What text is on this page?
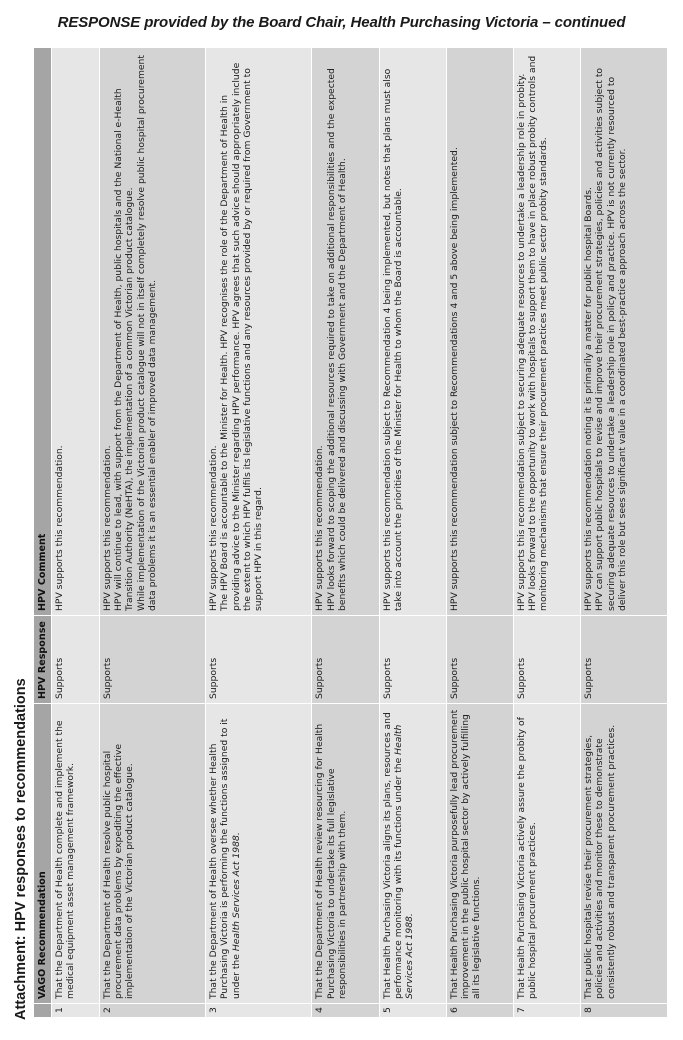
RESPONSE provided by the Board Chair, Health Purchasing Victoria – continued
Attachment: HPV responses to recommendations
	VAGO Recommendation	HPV Response	HPV Comment
1	That the Department of Health complete and implement the medical equipment asset management framework.	Supports	HPV supports this recommendation.

2	That the Department of Health resolve public hospital procurement data problems by expediting the effective implementation of the Victorian product catalogue.	Supports	HPV supports this recommendation. HPV will continue to lead, with support from the Department of Health, public hospitals and the National e-Health Transition Authority (NeHTA), the implementation of a common Victorian product catalogue. While implementation of the Victorian product catalogue will not in itself completely resolve public hospital procurement data problems it is an essential enabler of improved data management.

3	That the Department of Health oversee whether Health Purchasing Victoria is performing the functions assigned to it under the Health Services Act 1988.	Supports	HPV supports this recommendation. The HPV Board is accountable to the Minister for Health. HPV recognises the role of the Department of Health in providing advice to the Minister regarding HPV performance. HPV agrees that such advice should appropriately include the extent to which HPV fulfils its legislative functions and any resources provided by or required from Government to support HPV in this regard.

4	That the Department of Health review resourcing for Health Purchasing Victoria to undertake its full legislative responsibilities in partnership with them.	Supports	HPV supports this recommendation. HPV looks forward to scoping the additional resources required to take on additional responsibilities and the expected benefits which could be delivered and discussing with Government and the Department of Health.

5	That Health Purchasing Victoria aligns its plans, resources and performance monitoring with its functions under the Health Services Act 1988.	Supports	HPV supports this recommendation subject to Recommendation 4 being implemented, but notes that plans must also take into account the priorities of the Minister for Health to whom the Board is accountable.

6	That Health Purchasing Victoria purposefully lead procurement improvement in the public hospital sector by actively fulfilling all its legislative functions.	Supports	HPV supports this recommendation subject to Recommendations 4 and 5 above being implemented.

7	That Health Purchasing Victoria actively assure the probity of public hospital procurement practices.	Supports	HPV supports this recommendation subject to securing adequate resources to undertake a leadership role in probity. HPV looks forward to the opportunity to work with hospitals to support them to have in place robust probity controls and monitoring mechanisms that ensure their procurement practices meet public sector probity standards.

8	That public hospitals revise their procurement strategies, policies and activities and monitor these to demonstrate consistently robust and transparent procurement practices.	Supports	HPV supports this recommendation noting it is primarily a matter for public hospital Boards. HPV can support public hospitals to revise and improve their procurement strategies, policies and activities subject to securing adequate resources to undertake a leadership role in policy and practice. HPV is not currently resourced to deliver this role but sees significant value in a coordinated best-practice approach across the sector.
